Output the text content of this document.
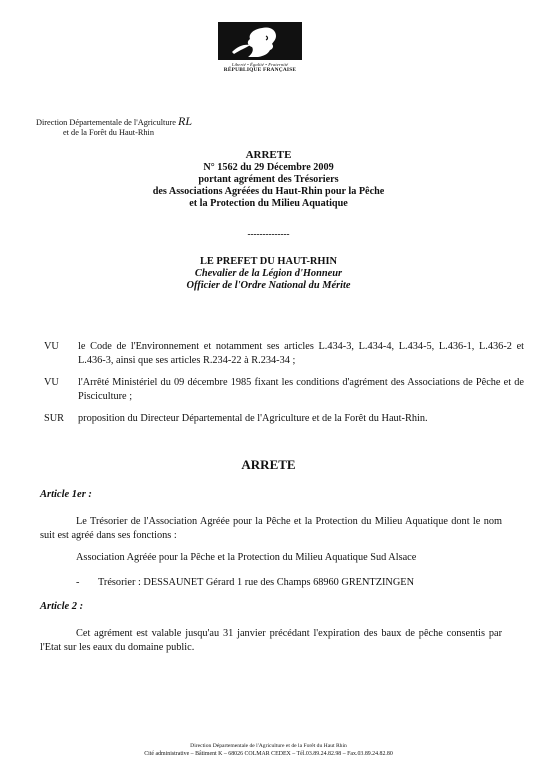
Liberté • Égalité • Fraternité
RÉPUBLIQUE FRANÇAISE
Direction Départementale de l'Agriculture RL
et de la Forêt du Haut-Rhin
ARRETE
N° 1562 du 29 Décembre 2009
portant agrément des Trésoriers
des Associations Agréées du Haut-Rhin pour la Pêche
et la Protection du Milieu Aquatique
--------------
LE PREFET DU HAUT-RHIN
Chevalier de la Légion d'Honneur
Officier de l'Ordre National du Mérite
VU	le Code de l'Environnement et notamment ses articles L.434-3, L.434-4, L.434-5, L.436-1, L.436-2 et L.436-3, ainsi que ses articles R.234-22 à R.234-34 ;
VU	l'Arrêté Ministériel du 09 décembre 1985 fixant les conditions d'agrément des Associations de Pêche et de Pisciculture ;
SUR	proposition du Directeur Départemental de l'Agriculture et de la Forêt du Haut-Rhin.
ARRETE
Article 1er :
Le Trésorier de l'Association Agréée pour la Pêche et la Protection du Milieu Aquatique dont le nom suit est agréé dans ses fonctions :
Association Agréée pour la Pêche et la Protection du Milieu Aquatique Sud Alsace
- Trésorier : DESSAUNET Gérard 1 rue des Champs 68960 GRENTZINGEN
Article 2 :
Cet agrément est valable jusqu'au 31 janvier précédant l'expiration des baux de pêche consentis par l'Etat sur les eaux du domaine public.
Direction Départementale de l'Agriculture et de la Forêt du Haut Rhin
Cité administrative – Bâtiment K – 68026 COLMAR CEDEX – Tél.03.89.24.82.98 – Fax.03.89.24.82.80
